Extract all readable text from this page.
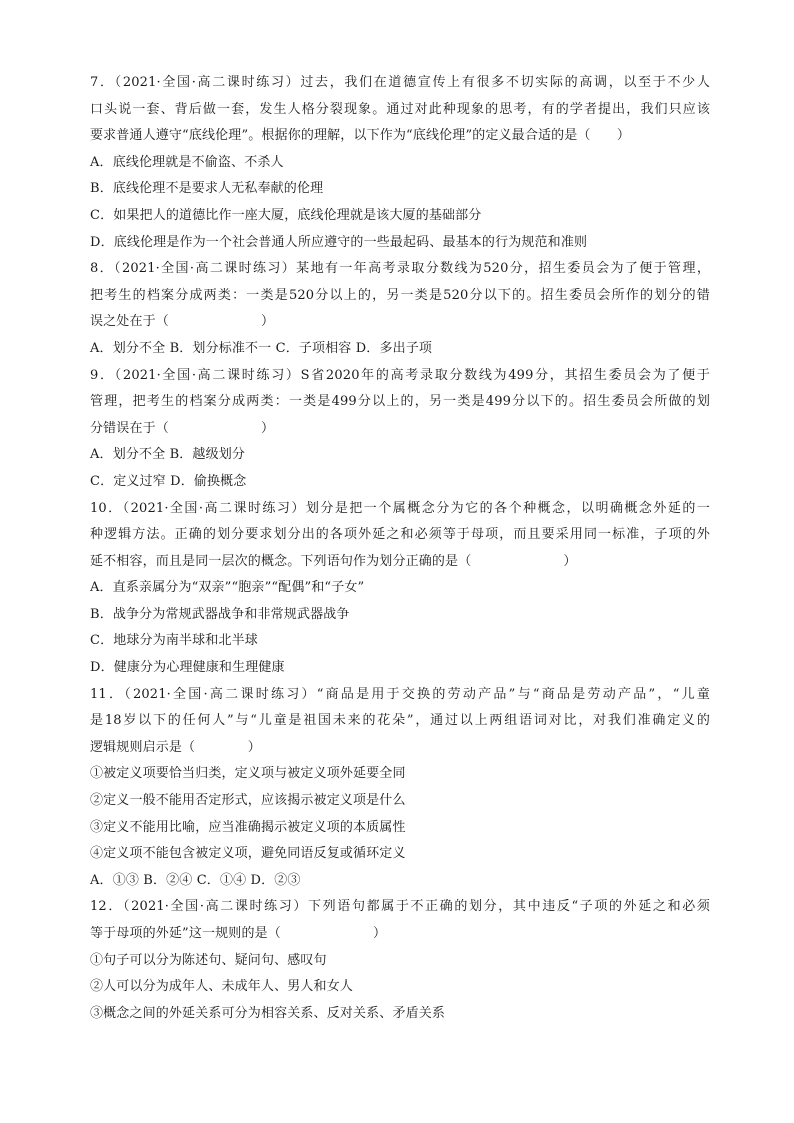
7．（2021·全国·高二课时练习）过去，我们在道德宣传上有很多不切实际的高调，以至于不少人
口头说一套、背后做一套，发生人格分裂现象。通过对此种现象的思考，有的学者提出，我们只应该
要求普通人遵守“底线伦理”。根据你的理解，以下作为“底线伦理”的定义最合适的是（　　）
A．底线伦理就是不偷盗、不杀人
B．底线伦理不是要求人无私奉献的伦理
C．如果把人的道德比作一座大厦，底线伦理就是该大厦的基础部分
D．底线伦理是作为一个社会普通人所应遵守的一些最起码、最基本的行为规范和准则
8．（2021·全国·高二课时练习）某地有一年高考录取分数线为520分，招生委员会为了便于管理，
把考生的档案分成两类：一类是520分以上的，另一类是520分以下的。招生委员会所作的划分的错
误之处在于（　　　　　　　）
A．划分不全 B．划分标准不一 C．子项相容 D．多出子项
9．（2021·全国·高二课时练习）S省2020年的高考录取分数线为499分，其招生委员会为了便于
管理，把考生的档案分成两类：一类是499分以上的，另一类是499分以下的。招生委员会所做的划
分错误在于（　　　　　　　）
A．划分不全 B．越级划分
C．定义过窄 D．偷换概念
10．（2021·全国·高二课时练习）划分是把一个属概念分为它的各个种概念，以明确概念外延的一
种逻辑方法。正确的划分要求划分出的各项外延之和必须等于母项，而且要采用同一标准，子项的外
延不相容，而且是同一层次的概念。下列语句作为划分正确的是（　　　　　　　）
A．直系亲属分为“双亲”“胞亲”“配偶”和“子女”
B．战争分为常规武器战争和非常规武器战争
C．地球分为南半球和北半球
D．健康分为心理健康和生理健康
11．（2021·全国·高二课时练习）“商品是用于交换的劳动产品”与“商品是劳动产品”，“儿童
是18岁以下的任何人”与“儿童是祖国未来的花朵”，通过以上两组语词对比，对我们准确定义的
逻辑规则启示是（　　　　）
①被定义项要恰当归类，定义项与被定义项外延要全同
②定义一般不能用否定形式，应该揭示被定义项是什么
③定义不能用比喻，应当准确揭示被定义项的本质属性
④定义项不能包含被定义项，避免同语反复或循环定义
A．①③ B．②④ C．①④ D．②③
12．（2021·全国·高二课时练习）下列语句都属于不正确的划分，其中违反“子项的外延之和必须
等于母项的外延”这一规则的是（　　　　　　　）
①句子可以分为陈述句、疑问句、感叹句
②人可以分为成年人、未成年人、男人和女人
③概念之间的外延关系可分为相容关系、反对关系、矛盾关系
